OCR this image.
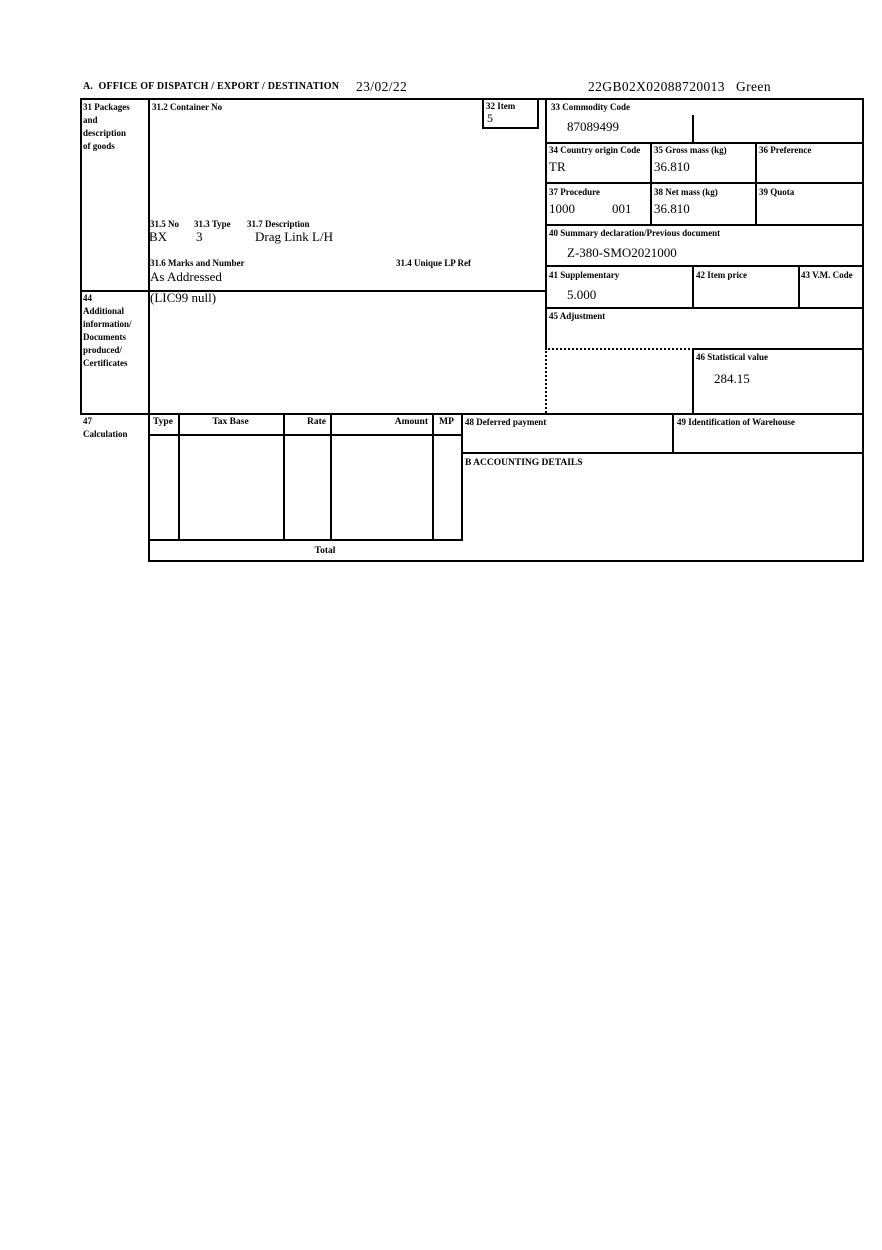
A.  OFFICE OF DISPATCH / EXPORT / DESTINATION 23/02/22	22GB02X02088720013 Green
31 Packages
and
description
of goods
31.2 Container No	32 Item
5
33 Commodity Code
87089499
34 Country origin Code
TR
35 Gross mass (kg)
36.810
36 Preference
37 Procedure
1000	001
38 Net mass (kg)
36.810
39 Quota
31.5 No 31.3 Type 31.7 Description
BX 3	Drag Link L/H
31.6 Marks and Number
As Addressed
31.4 Unique LP Ref
40 Summary declaration/Previous document
Z-380-SMO2021000
41 Supplementary
5.000
42 Item price	43 V.M. Code
44
Additional
information/
Documents
produced/
Certificates
(LIC99 null)
45 Adjustment
46 Statistical value
284.15
47
Calculation
Type	Tax Base	Rate	Amount	MP
Total
48 Deferred payment	49 Identification of Warehouse
B ACCOUNTING DETAILS
